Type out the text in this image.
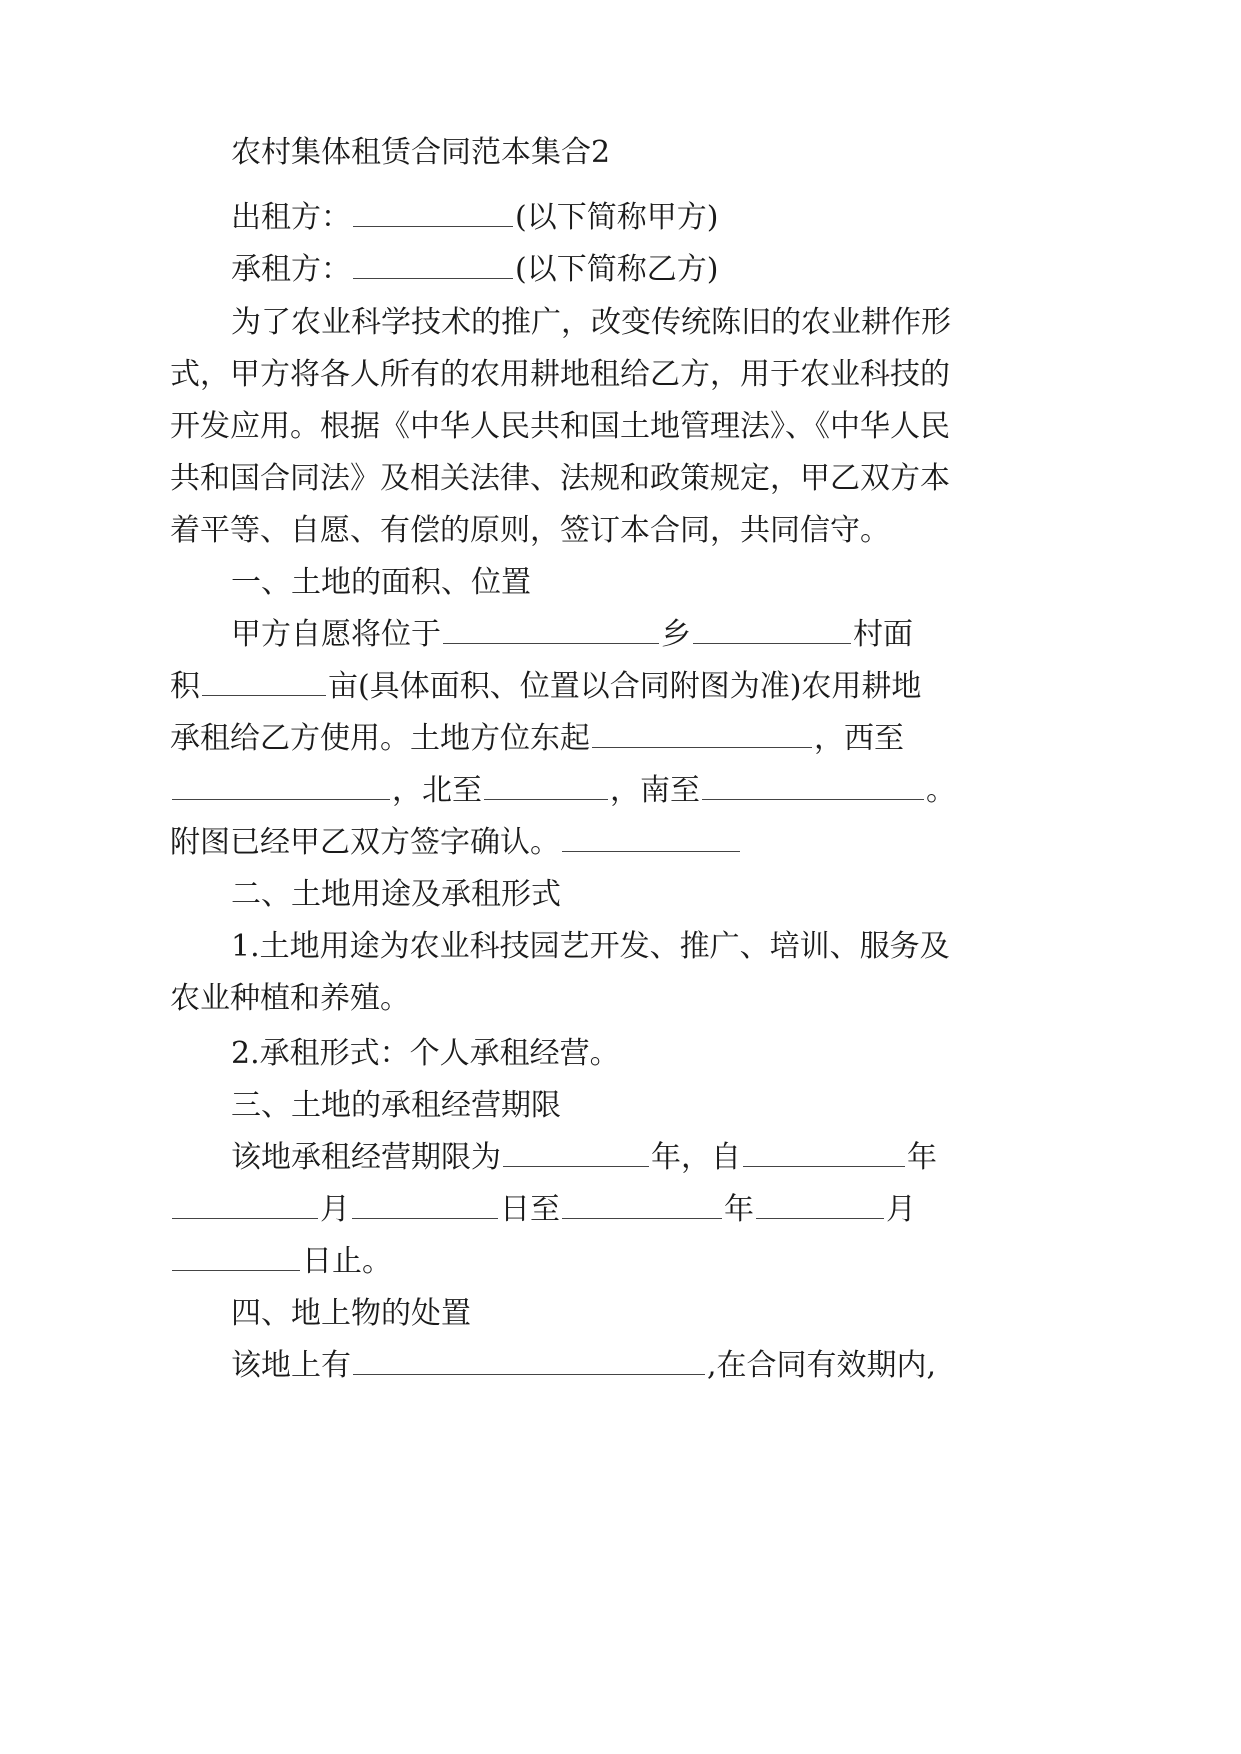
农村集体租赁合同范本集合2
出租方：	(以下简称甲方)
承租方：	(以下简称乙方)
为了农业科学技术的推广，改变传统陈旧的农业耕作形
式，甲方将各人所有的农用耕地租给乙方，用于农业科技的
开发应用。根据《中华人民共和国土地管理法》、《中华人民
共和国合同法》及相关法律、法规和政策规定，甲乙双方本
着平等、自愿、有偿的原则，签订本合同，共同信守。
一、土地的面积、位置
甲方自愿将位于	乡	村面
积	亩(具体面积、位置以合同附图为准)农用耕地
承租给乙方使用。土地方位东起	，西至
，北至	，南至	。
附图已经甲乙双方签字确认。
二、土地用途及承租形式
1.土地用途为农业科技园艺开发、推广、培训、服务及
农业种植和养殖。
2.承租形式：个人承租经营。
三、土地的承租经营期限
该地承租经营期限为	年，自	年
月	日至	年	月
日止。
四、地上物的处置
该地上有	,在合同有效期内,
